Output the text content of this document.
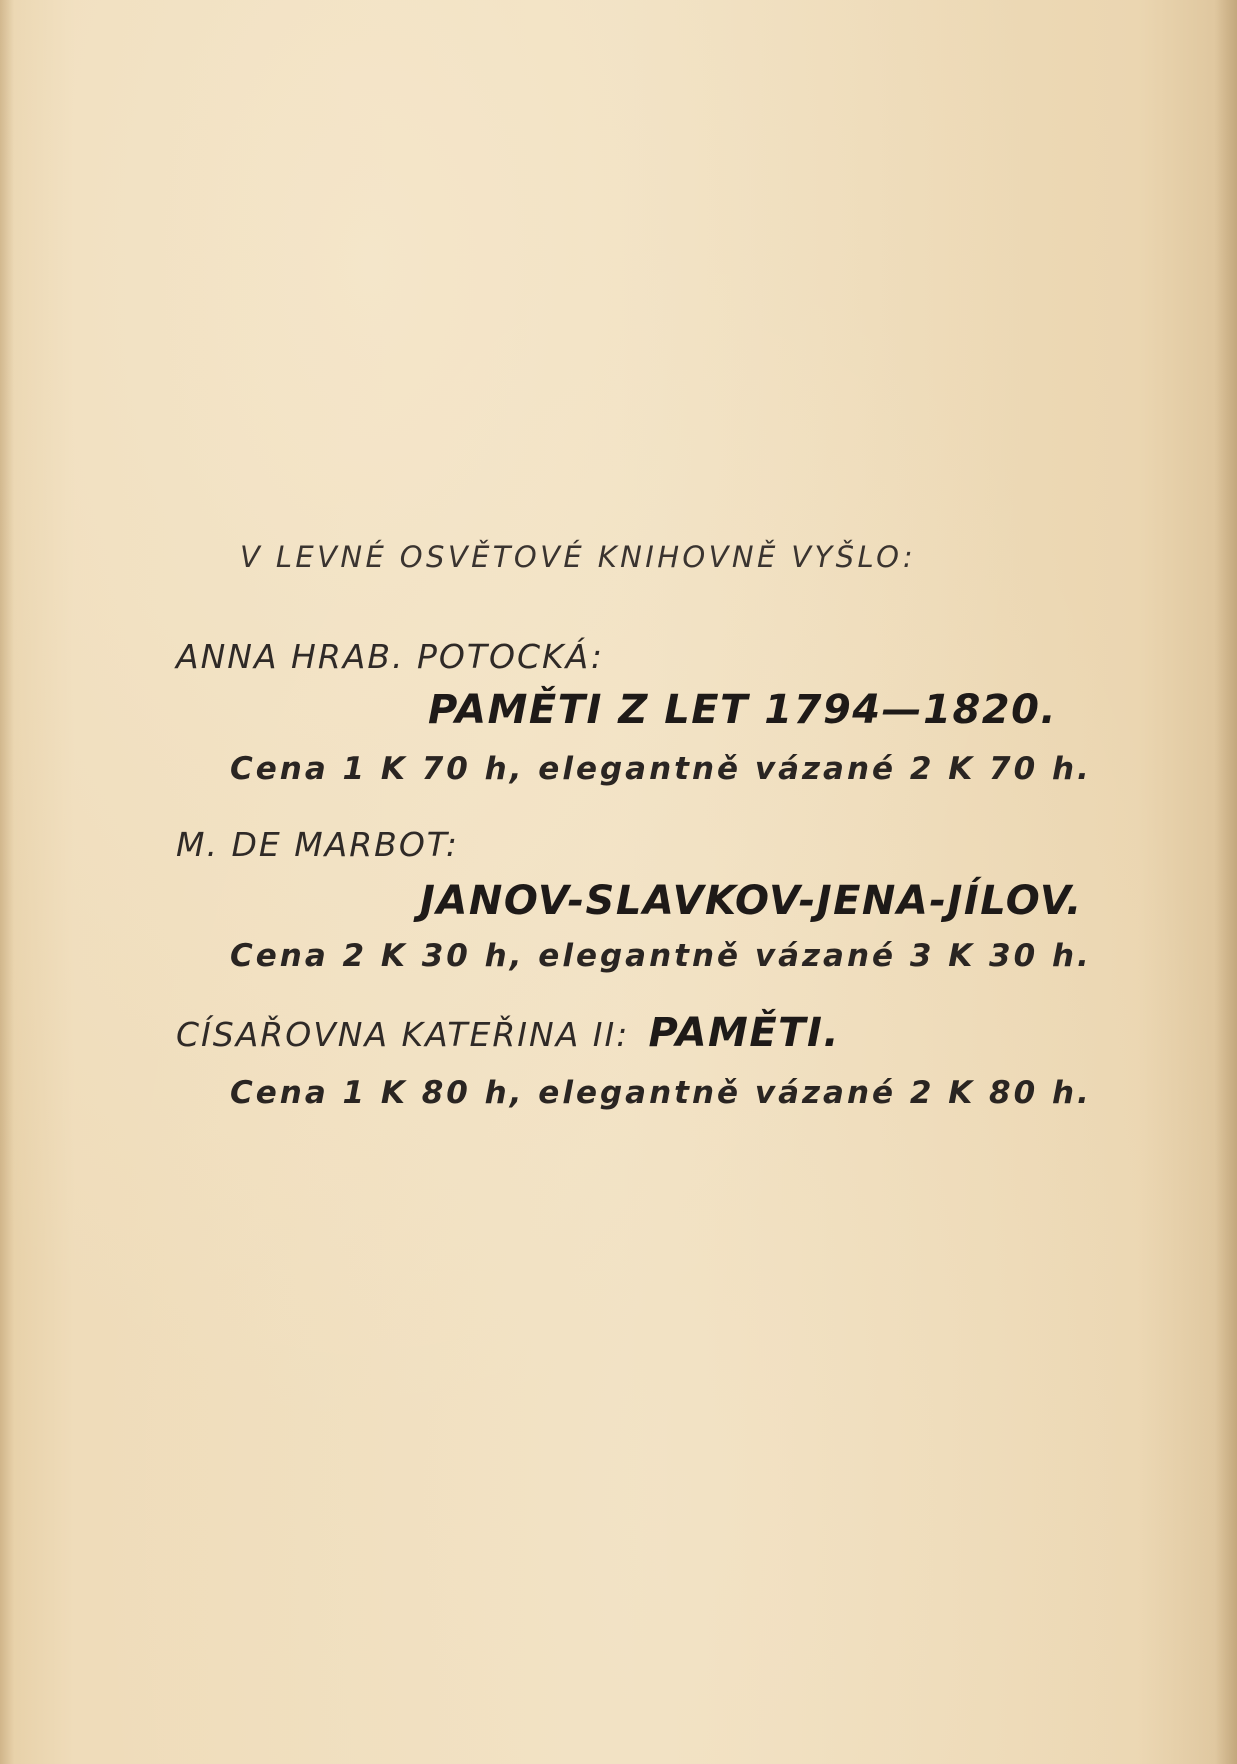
V LEVNÉ OSVĚTOVÉ KNIHOVNĚ VYŠLO:
ANNA HRAB. POTOCKÁ:
PAMĚTI Z LET 1794—1820.
Cena 1 K 70 h, elegantně vázané 2 K 70 h.
M. DE MARBOT:
JANOV-SLAVKOV-JENA-JÍLOV.
Cena 2 K 30 h, elegantně vázané 3 K 30 h.
CÍSAŘOVNA KATEŘINA II: PAMĚTI.
Cena 1 K 80 h, elegantně vázané 2 K 80 h.
